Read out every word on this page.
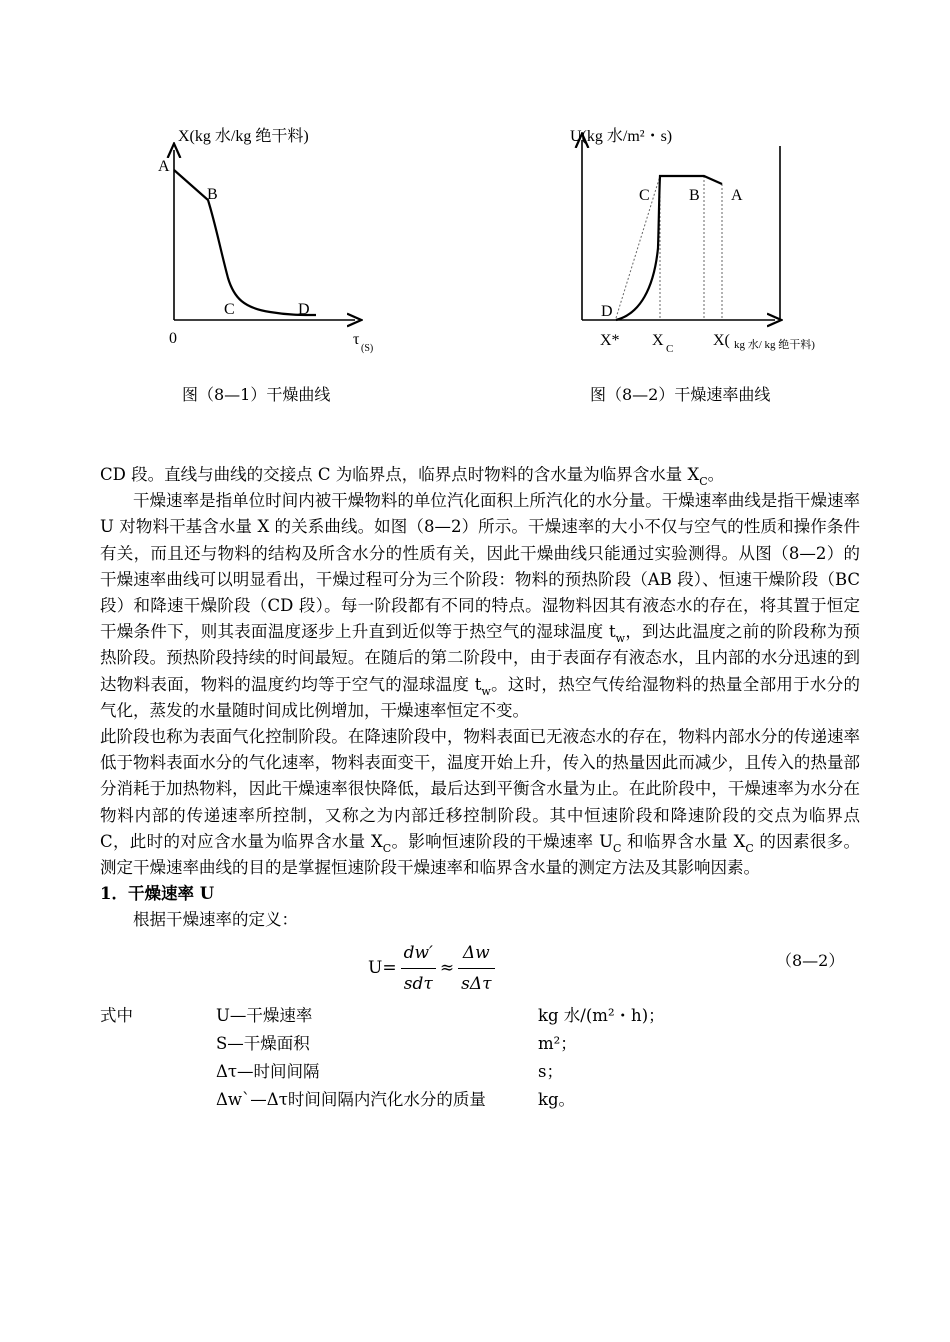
X(kg 水/kg 绝干料)
A
B
C	D
0	τ
(S)
图（8—1）干燥曲线
U(kg 水/m²・s)
C B A
D
X* X C X( kg 水/ kg 绝干料)
图（8—2）干燥速率曲线

CD 段。直线与曲线的交接点 C 为临界点，临界点时物料的含水量为临界含水量 $X_C$。

干燥速率是指单位时间内被干燥物料的单位汽化面积上所汽化的水分量。干燥速率曲线是指干燥速率 U 对物料干基含水量 X 的关系曲线。如图（8—2）所示。干燥速率的大小不仅与空气的性质和操作条件有关，而且还与物料的结构及所含水分的性质有关，因此干燥曲线只能通过实验测得。从图（8—2）的干燥速率曲线可以明显看出，干燥过程可分为三个阶段：物料的预热阶段（AB 段）、恒速干燥阶段（BC 段）和降速干燥阶段（CD 段）。每一阶段都有不同的特点。湿物料因其有液态水的存在，将其置于恒定干燥条件下，则其表面温度逐步上升直到近似等于热空气的湿球温度 $t_w$，到达此温度之前的阶段称为预热阶段。预热阶段持续的时间最短。在随后的第二阶段中，由于表面存有液态水，且内部的水分迅速的到达物料表面，物料的温度约均等于空气的湿球温度 $t_w$。这时，热空气传给湿物料的热量全部用于水分的气化，蒸发的水量随时间成比例增加，干燥速率恒定不变。

此阶段也称为表面气化控制阶段。在降速阶段中，物料表面已无液态水的存在，物料内部水分的传递速率低于物料表面水分的气化速率，物料表面变干，温度开始上升，传入的热量因此而减少，且传入的热量部分消耗于加热物料，因此干燥速率很快降低，最后达到平衡含水量为止。在此阶段中，干燥速率为水分在物料内部的传递速率所控制，又称之为内部迁移控制阶段。其中恒速阶段和降速阶段的交点为临界点 C，此时的对应含水量为临界含水量 $X_C$。影响恒速阶段的干燥速率 $U_C$ 和临界含水量 $X_C$ 的因素很多。测定干燥速率曲线的目的是掌握恒速阶段干燥速率和临界含水量的测定方法及其影响因素。

1．干燥速率 U

根据干燥速率的定义：

$U= \frac{dw'}{\text{sdτ}} \approx \frac{\Delta w}{\text{sΔτ}}$	（8—2）
式中	U—干燥速率	kg 水/(m²・h)；
S—干燥面积	m²；
Δτ—时间间隔	s；
Δw`—Δτ时间间隔内汽化水分的质量	kg。
